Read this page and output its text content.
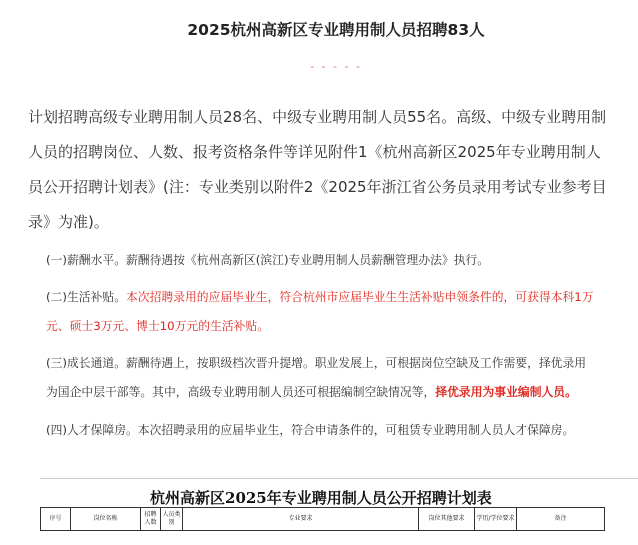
2025杭州高新区专业聘用制人员招聘83人
- - - - -
计划招聘高级专业聘用制人员28名、中级专业聘用制人员55名。高级、中级专业聘用制
人员的招聘岗位、人数、报考资格条件等详见附件1《杭州高新区2025年专业聘用制人
员公开招聘计划表》(注：专业类别以附件2《2025年浙江省公务员录用考试专业参考目
录》为准)。
(一)薪酬水平。薪酬待遇按《杭州高新区(滨江)专业聘用制人员薪酬管理办法》执行。
(二)生活补贴。本次招聘录用的应届毕业生，符合杭州市应届毕业生生活补贴申领条件的，可获得本科1万
元、硕士3万元、博士10万元的生活补贴。
(三)成长通道。薪酬待遇上，按职级档次晋升提增。职业发展上，可根据岗位空缺及工作需要，择优录用
为国企中层干部等。其中，高级专业聘用制人员还可根据编制空缺情况等，择优录用为事业编制人员。
(四)人才保障房。本次招聘录用的应届毕业生，符合申请条件的，可租赁专业聘用制人员人才保障房。
杭州高新区2025年专业聘用制人员公开招聘计划表
序号	岗位名称	招聘人数	人员类别	专业要求	岗位其他要求	学历/学位要求	备注
